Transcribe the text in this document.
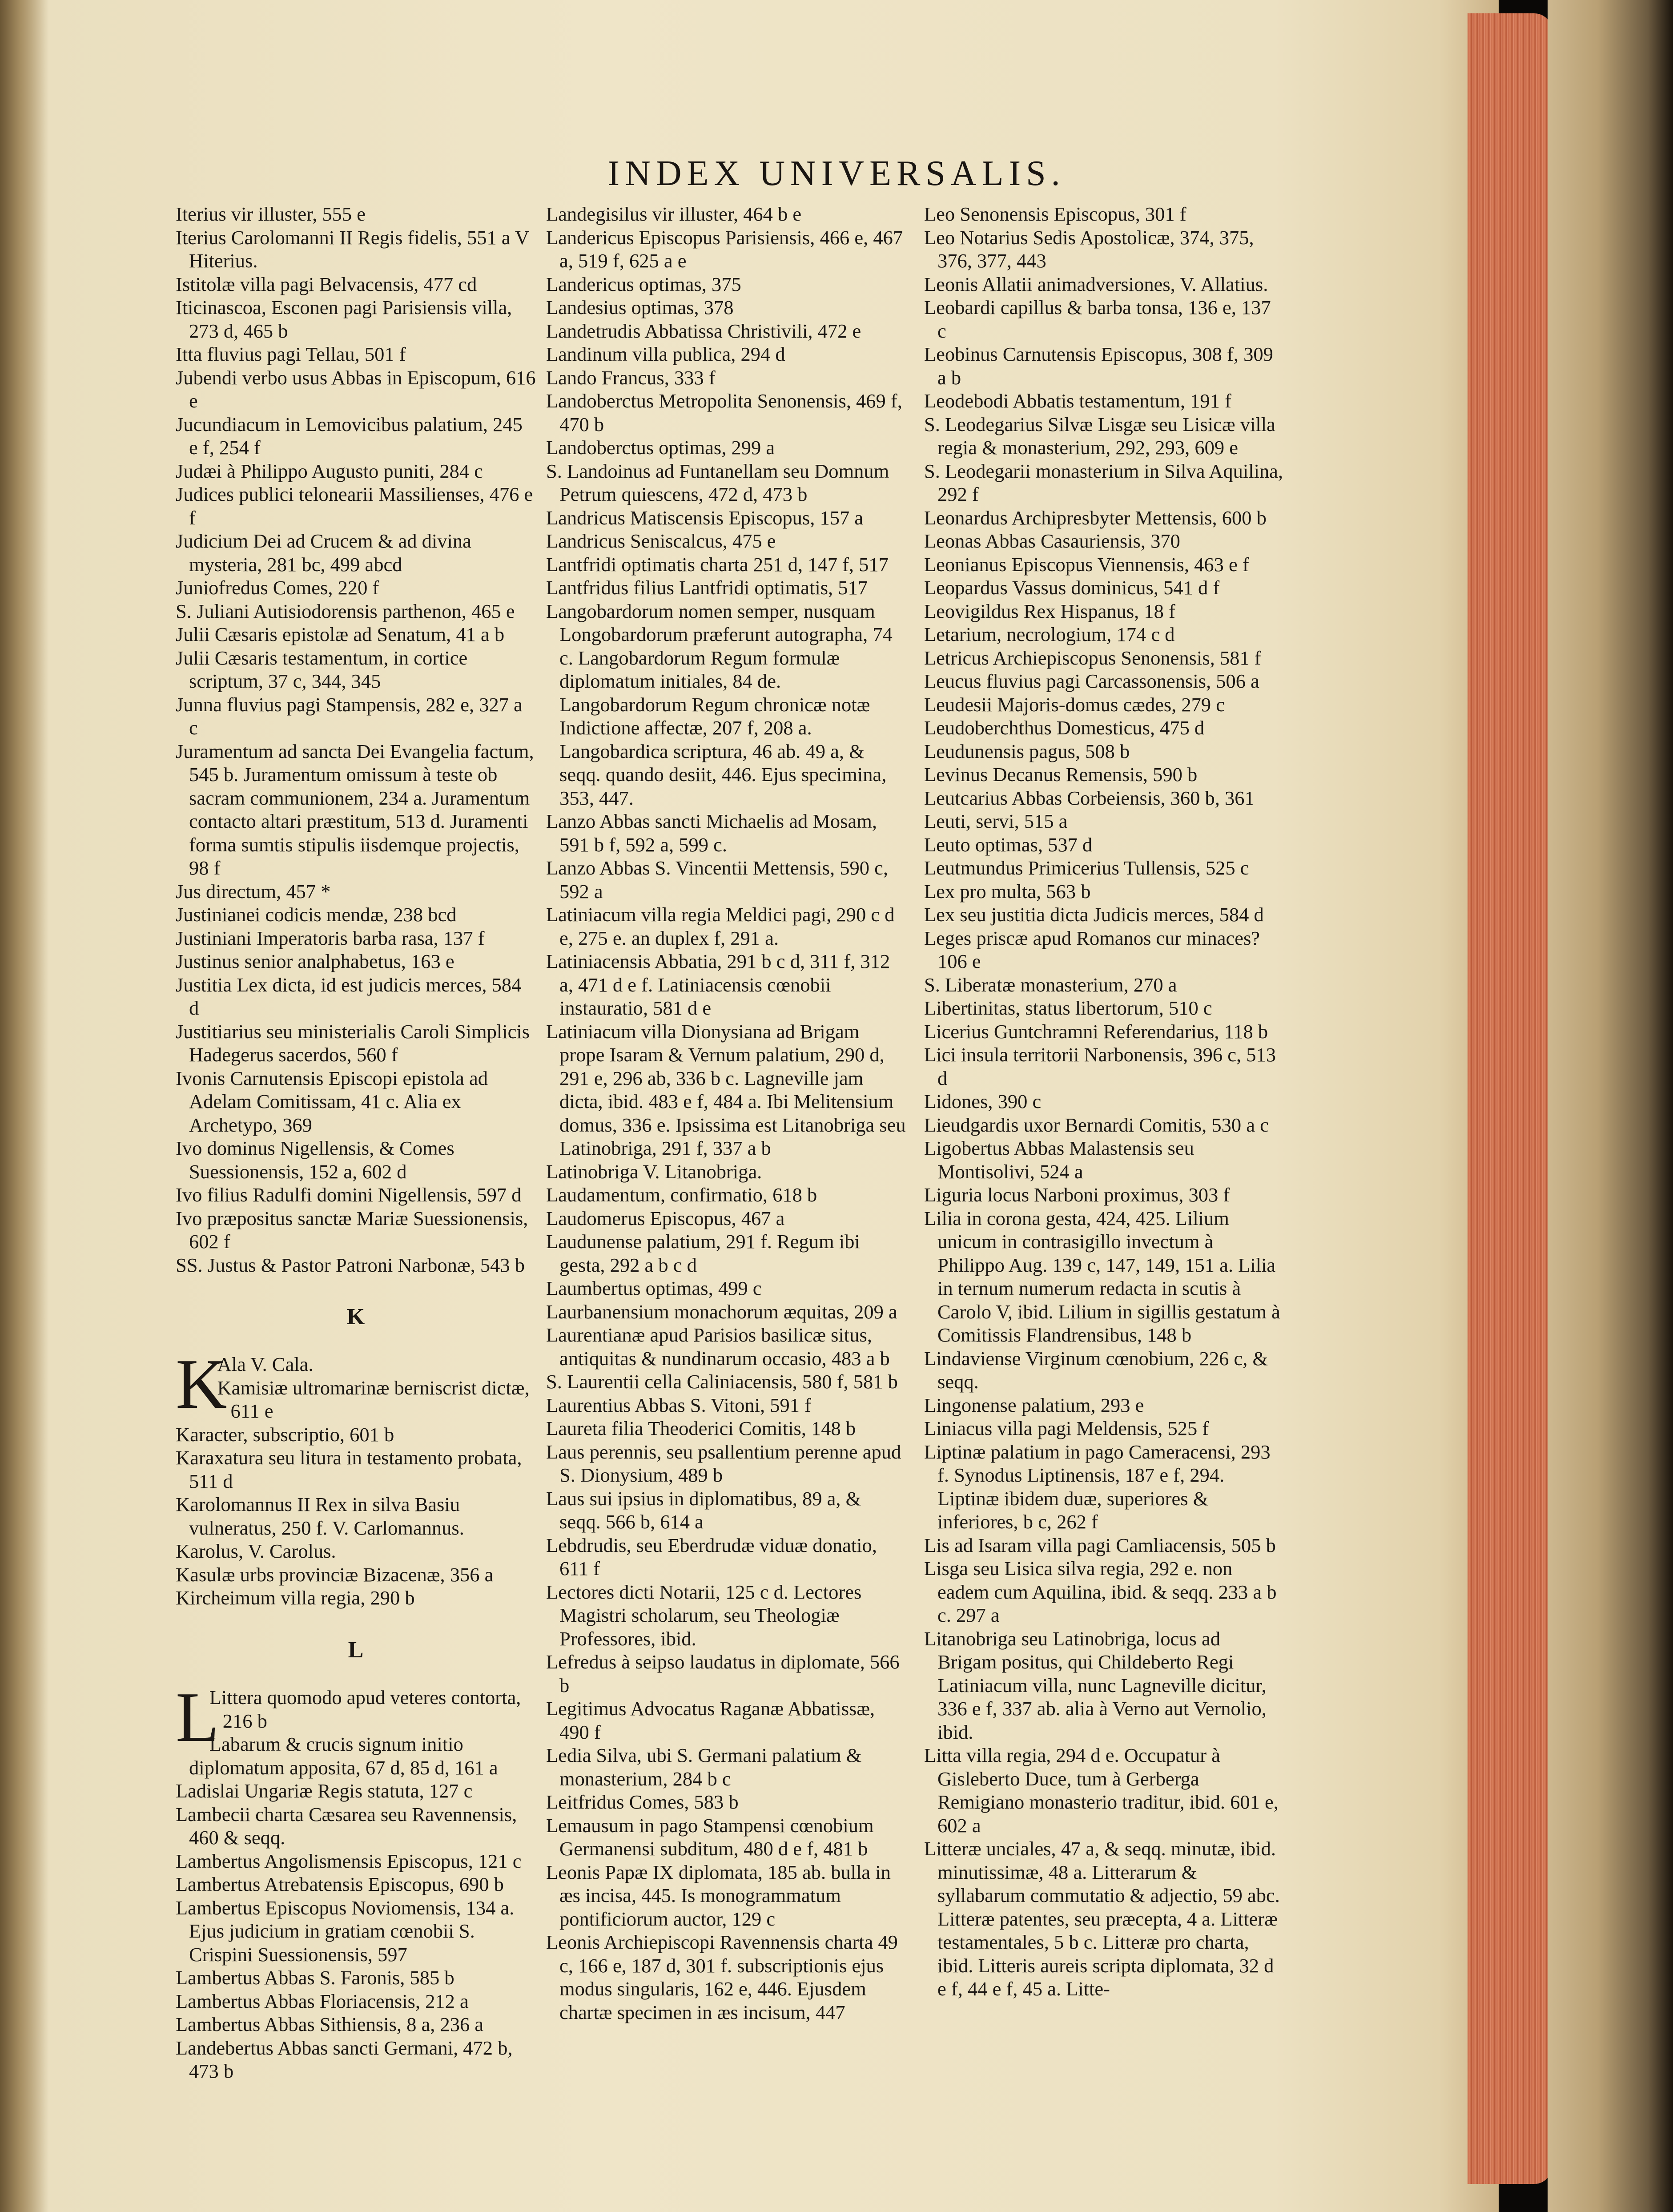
INDEX UNIVERSALIS.

Iterius vir illuster, 555 e

Iterius Carolomanni II Regis fidelis, 551 a V Hiterius.

Istitolæ villa pagi Belvacensis, 477 cd

Iticinascoa, Esconen pagi Parisiensis villa, 273 d, 465 b

Itta fluvius pagi Tellau, 501 f

Jubendi verbo usus Abbas in Episcopum, 616 e

Jucundiacum in Lemovicibus palatium, 245 e f, 254 f

Judæi à Philippo Augusto puniti, 284 c

Judices publici telonearii Massilienses, 476 e f

Judicium Dei ad Crucem & ad divina mysteria, 281 bc, 499 abcd

Juniofredus Comes, 220 f

S. Juliani Autisiodorensis parthenon, 465 e

Julii Cæsaris epistolæ ad Senatum, 41 a b

Julii Cæsaris testamentum, in cortice scriptum, 37 c, 344, 345

Junna fluvius pagi Stampensis, 282 e, 327 a c

Juramentum ad sancta Dei Evangelia factum, 545 b. Juramentum omissum à teste ob sacram communionem, 234 a. Juramentum contacto altari præstitum, 513 d. Juramenti forma sumtis stipulis iisdemque projectis, 98 f

Jus directum, 457 *

Justinianei codicis mendæ, 238 bcd

Justiniani Imperatoris barba rasa, 137 f

Justinus senior analphabetus, 163 e

Justitia Lex dicta, id est judicis merces, 584 d

Justitiarius seu ministerialis Caroli Simplicis Hadegerus sacerdos, 560 f

Ivonis Carnutensis Episcopi epistola ad Adelam Comitissam, 41 c. Alia ex Archetypo, 369

Ivo dominus Nigellensis, & Comes Suessionensis, 152 a, 602 d

Ivo filius Radulfi domini Nigellensis, 597 d

Ivo præpositus sanctæ Mariæ Suessionensis, 602 f

SS. Justus & Pastor Patroni Narbonæ, 543 b

K
K

Ala V. Cala.

Kamisiæ ultromarinæ berniscrist dictæ, 611 e

Karacter, subscriptio, 601 b

Karaxatura seu litura in testamento probata, 511 d

Karolomannus II Rex in silva Basiu vulneratus, 250 f. V. Carlomannus.

Karolus, V. Carolus.

Kasulæ urbs provinciæ Bizacenæ, 356 a

Kircheimum villa regia, 290 b

L
L

Littera quomodo apud veteres contorta, 216 b

Labarum & crucis signum initio diplomatum apposita, 67 d, 85 d, 161 a

Ladislai Ungariæ Regis statuta, 127 c

Lambecii charta Cæsarea seu Ravennensis, 460 & seqq.

Lambertus Angolismensis Episcopus, 121 c

Lambertus Atrebatensis Episcopus, 690 b

Lambertus Episcopus Noviomensis, 134 a. Ejus judicium in gratiam cœnobii S. Crispini Suessionensis, 597

Lambertus Abbas S. Faronis, 585 b

Lambertus Abbas Floriacensis, 212 a

Lambertus Abbas Sithiensis, 8 a, 236 a

Landebertus Abbas sancti Germani, 472 b, 473 b

Landegisilus vir illuster, 464 b e

Landericus Episcopus Parisiensis, 466 e, 467 a, 519 f, 625 a e

Landericus optimas, 375

Landesius optimas, 378

Landetrudis Abbatissa Christivili, 472 e

Landinum villa publica, 294 d

Lando Francus, 333 f

Landoberctus Metropolita Senonensis, 469 f, 470 b

Landoberctus optimas, 299 a

S. Landoinus ad Funtanellam seu Domnum Petrum quiescens, 472 d, 473 b

Landricus Matiscensis Episcopus, 157 a

Landricus Seniscalcus, 475 e

Lantfridi optimatis charta 251 d, 147 f, 517

Lantfridus filius Lantfridi optimatis, 517

Langobardorum nomen semper, nusquam Longobardorum præferunt autographa, 74 c. Langobardorum Regum formulæ diplomatum initiales, 84 de. Langobardorum Regum chronicæ notæ Indictione affectæ, 207 f, 208 a. Langobardica scriptura, 46 ab. 49 a, & seqq. quando desiit, 446. Ejus specimina, 353, 447.

Lanzo Abbas sancti Michaelis ad Mosam, 591 b f, 592 a, 599 c.

Lanzo Abbas S. Vincentii Mettensis, 590 c, 592 a

Latiniacum villa regia Meldici pagi, 290 c d e, 275 e. an duplex f, 291 a.

Latiniacensis Abbatia, 291 b c d, 311 f, 312 a, 471 d e f. Latiniacensis cœnobii instauratio, 581 d e

Latiniacum villa Dionysiana ad Brigam prope Isaram & Vernum palatium, 290 d, 291 e, 296 ab, 336 b c. Lagneville jam dicta, ibid. 483 e f, 484 a. Ibi Melitensium domus, 336 e. Ipsissima est Litanobriga seu Latinobriga, 291 f, 337 a b

Latinobriga V. Litanobriga.

Laudamentum, confirmatio, 618 b

Laudomerus Episcopus, 467 a

Laudunense palatium, 291 f. Regum ibi gesta, 292 a b c d

Laumbertus optimas, 499 c

Laurbanensium monachorum æquitas, 209 a

Laurentianæ apud Parisios basilicæ situs, antiquitas & nundinarum occasio, 483 a b

S. Laurentii cella Caliniacensis, 580 f, 581 b

Laurentius Abbas S. Vitoni, 591 f

Laureta filia Theoderici Comitis, 148 b

Laus perennis, seu psallentium perenne apud S. Dionysium, 489 b

Laus sui ipsius in diplomatibus, 89 a, & seqq. 566 b, 614 a

Lebdrudis, seu Eberdrudæ viduæ donatio, 611 f

Lectores dicti Notarii, 125 c d. Lectores Magistri scholarum, seu Theologiæ Professores, ibid.

Lefredus à seipso laudatus in diplomate, 566 b

Legitimus Advocatus Raganæ Abbatissæ, 490 f

Ledia Silva, ubi S. Germani palatium & monasterium, 284 b c

Leitfridus Comes, 583 b

Lemausum in pago Stampensi cœnobium Germanensi subditum, 480 d e f, 481 b

Leonis Papæ IX diplomata, 185 ab. bulla in æs incisa, 445. Is monogrammatum pontificiorum auctor, 129 c

Leonis Archiepiscopi Ravennensis charta 49 c, 166 e, 187 d, 301 f. subscriptionis ejus modus singularis, 162 e, 446. Ejusdem chartæ specimen in æs incisum, 447

Leo Senonensis Episcopus, 301 f

Leo Notarius Sedis Apostolicæ, 374, 375, 376, 377, 443

Leonis Allatii animadversiones, V. Allatius.

Leobardi capillus & barba tonsa, 136 e, 137 c

Leobinus Carnutensis Episcopus, 308 f, 309 a b

Leodebodi Abbatis testamentum, 191 f

S. Leodegarius Silvæ Lisgæ seu Lisicæ villa regia & monasterium, 292, 293, 609 e

S. Leodegarii monasterium in Silva Aquilina, 292 f

Leonardus Archipresbyter Mettensis, 600 b

Leonas Abbas Casauriensis, 370

Leonianus Episcopus Viennensis, 463 e f

Leopardus Vassus dominicus, 541 d f

Leovigildus Rex Hispanus, 18 f

Letarium, necrologium, 174 c d

Letricus Archiepiscopus Senonensis, 581 f

Leucus fluvius pagi Carcassonensis, 506 a

Leudesii Majoris-domus cædes, 279 c

Leudoberchthus Domesticus, 475 d

Leudunensis pagus, 508 b

Levinus Decanus Remensis, 590 b

Leutcarius Abbas Corbeiensis, 360 b, 361

Leuti, servi, 515 a

Leuto optimas, 537 d

Leutmundus Primicerius Tullensis, 525 c

Lex pro multa, 563 b

Lex seu justitia dicta Judicis merces, 584 d

Leges priscæ apud Romanos cur minaces? 106 e

S. Liberatæ monasterium, 270 a

Libertinitas, status libertorum, 510 c

Licerius Guntchramni Referendarius, 118 b

Lici insula territorii Narbonensis, 396 c, 513 d

Lidones, 390 c

Lieudgardis uxor Bernardi Comitis, 530 a c

Ligobertus Abbas Malastensis seu Montisolivi, 524 a

Liguria locus Narboni proximus, 303 f

Lilia in corona gesta, 424, 425. Lilium unicum in contrasigillo invectum à Philippo Aug. 139 c, 147, 149, 151 a. Lilia in ternum numerum redacta in scutis à Carolo V, ibid. Lilium in sigillis gestatum à Comitissis Flandrensibus, 148 b

Lindaviense Virginum cœnobium, 226 c, & seqq.

Lingonense palatium, 293 e

Liniacus villa pagi Meldensis, 525 f

Liptinæ palatium in pago Cameracensi, 293 f. Synodus Liptinensis, 187 e f, 294. Liptinæ ibidem duæ, superiores & inferiores, b c, 262 f

Lis ad Isaram villa pagi Camliacensis, 505 b

Lisga seu Lisica silva regia, 292 e. non eadem cum Aquilina, ibid. & seqq. 233 a b c. 297 a

Litanobriga seu Latinobriga, locus ad Brigam positus, qui Childeberto Regi Latiniacum villa, nunc Lagneville dicitur, 336 e f, 337 ab. alia à Verno aut Vernolio, ibid.

Litta villa regia, 294 d e. Occupatur à Gisleberto Duce, tum à Gerberga Remigiano monasterio traditur, ibid. 601 e, 602 a

Litteræ unciales, 47 a, & seqq. minutæ, ibid. minutissimæ, 48 a. Litterarum & syllabarum commutatio & adjectio, 59 abc. Litteræ patentes, seu præcepta, 4 a. Litteræ testamentales, 5 b c. Litteræ pro charta, ibid. Litteris aureis scripta diplomata, 32 d e f, 44 e f, 45 a. Litte-
